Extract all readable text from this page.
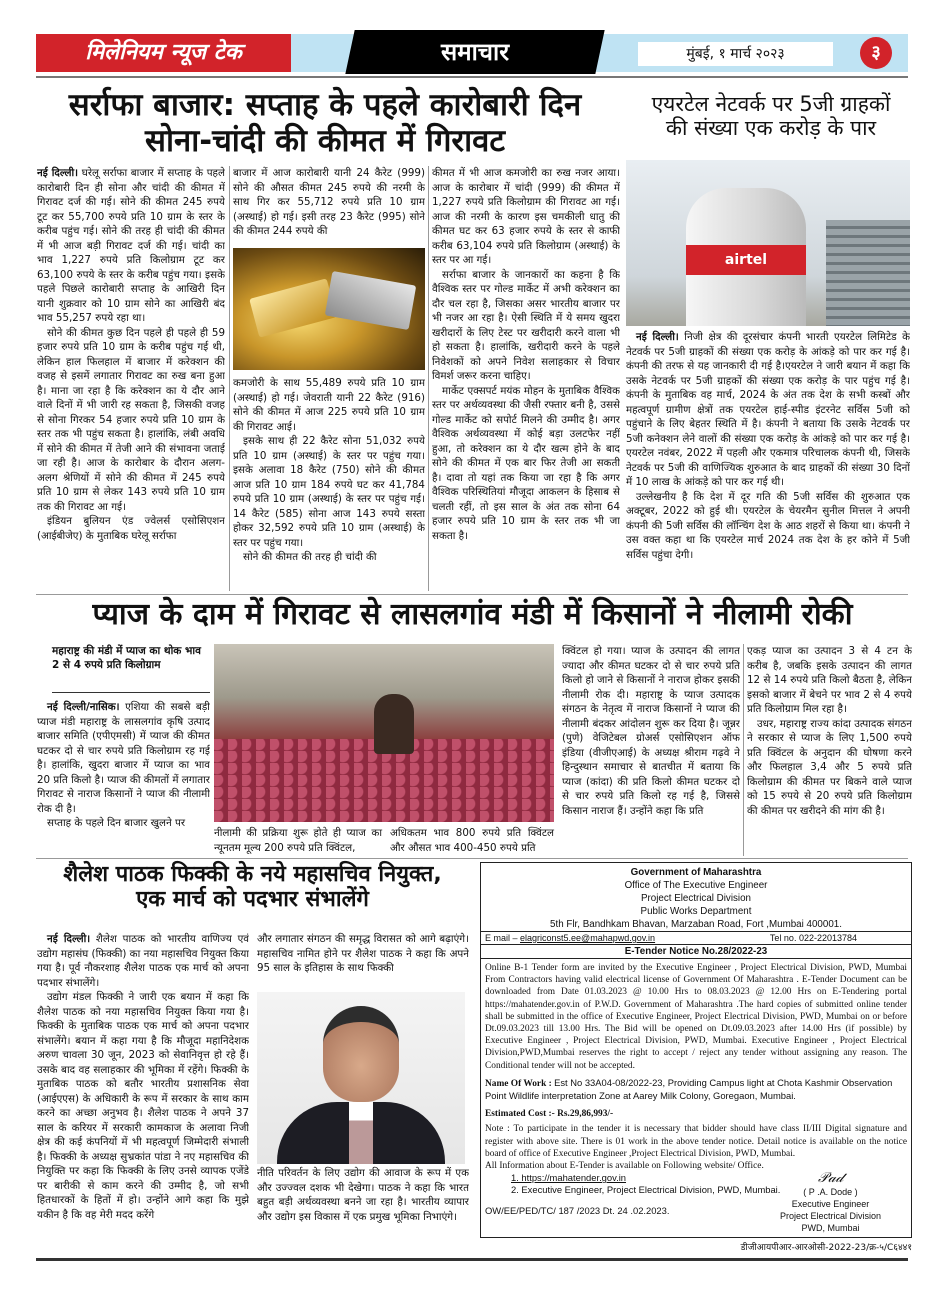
मिलेनियम न्यूज टेक	समाचार	मुंबई, १ मार्च २०२३	३
सर्राफा बाजार: सप्ताह के पहले कारोबारी दिन
सोना-चांदी की कीमत में गिरावट

नई दिल्ली। घरेलू सर्राफा बाजार में सप्ताह के पहले कारोबारी दिन ही सोना और चांदी की कीमत में गिरावट दर्ज की गई। सोने की कीमत 245 रुपये टूट कर 55,700 रुपये प्रति 10 ग्राम के स्तर के करीब पहुंच गई। सोने की तरह ही चांदी की कीमत में भी आज बड़ी गिरावट दर्ज की गई। चांदी का भाव 1,227 रुपये प्रति किलोग्राम टूट कर 63,100 रुपये के स्तर के करीब पहुंच गया। इसके पहले पिछले कारोबारी सप्ताह के आखिरी दिन यानी शुक्रवार को 10 ग्राम सोने का आखिरी बंद भाव 55,257 रुपये रहा था।

सोने की कीमत कुछ दिन पहले ही पहले ही 59 हजार रुपये प्रति 10 ग्राम के करीब पहुंच गई थी, लेकिन हाल फिलहाल में बाजार में करेक्शन की वजह से इसमें लगातार गिरावट का रुख बना हुआ है। माना जा रहा है कि करेक्शन का ये दौर आने वाले दिनों में भी जारी रह सकता है, जिसकी वजह से सोना गिरकर 54 हजार रुपये प्रति 10 ग्राम के स्तर तक भी पहुंच सकता है। हालांकि, लंबी अवधि में सोने की कीमत में तेजी आने की संभावना जताई जा रही है। आज के कारोबार के दौरान अलग-अलग श्रेणियों में सोने की कीमत में 245 रुपये प्रति 10 ग्राम से लेकर 143 रुपये प्रति 10 ग्राम तक की गिरावट आ गई।

इंडियन बुलियन एंड ज्वेलर्स एसोसिएशन (आईबीजेए) के मुताबिक घरेलू सर्राफा

बाजार में आज कारोबारी यानी 24 कैरेट (999) सोने की औसत कीमत 245 रुपये की नरमी के साथ गिर कर 55,712 रुपये प्रति 10 ग्राम (अस्थाई) हो गई। इसी तरह 23 कैरेट (995) सोने की कीमत 244 रुपये की

कमजोरी के साथ 55,489 रुपये प्रति 10 ग्राम (अस्थाई) हो गई। जेवराती यानी 22 कैरेट (916) सोने की कीमत में आज 225 रुपये प्रति 10 ग्राम की गिरावट आई।

इसके साथ ही 22 कैरेट सोना 51,032 रुपये प्रति 10 ग्राम (अस्थाई) के स्तर पर पहुंच गया। इसके अलावा 18 कैरेट (750) सोने की कीमत आज प्रति 10 ग्राम 184 रुपये घट कर 41,784 रुपये प्रति 10 ग्राम (अस्थाई) के स्तर पर पहुंच गई। 14 कैरेट (585) सोना आज 143 रुपये सस्ता होकर 32,592 रुपये प्रति 10 ग्राम (अस्थाई) के स्तर पर पहुंच गया।

सोने की कीमत की तरह ही चांदी की

कीमत में भी आज कमजोरी का रुख नजर आया। आज के कारोबार में चांदी (999) की कीमत में 1,227 रुपये प्रति किलोग्राम की गिरावट आ गई। आज की नरमी के कारण इस चमकीली धातु की कीमत घट कर 63 हजार रुपये के स्तर से काफी करीब 63,104 रुपये प्रति किलोग्राम (अस्थाई) के स्तर पर आ गई।

सर्राफा बाजार के जानकारों का कहना है कि वैश्विक स्तर पर गोल्ड मार्केट में अभी करेक्शन का दौर चल रहा है, जिसका असर भारतीय बाजार पर भी नजर आ रहा है। ऐसी स्थिति में ये समय खुदरा खरीदारों के लिए टेस्ट पर खरीदारी करने वाला भी हो सकता है। हालांकि, खरीदारी करने के पहले निवेशकों को अपने निवेश सलाहकार से विचार विमर्श जरूर करना चाहिए।

मार्केट एक्सपर्ट मयंक मोहन के मुताबिक वैश्विक स्तर पर अर्थव्यवस्था की जैसी रफ्तार बनी है, उससे गोल्ड मार्केट को सपोर्ट मिलने की उम्मीद है। अगर वैश्विक अर्थव्यवस्था में कोई बड़ा उलटफेर नहीं हुआ, तो करेक्शन का ये दौर खत्म होने के बाद सोने की कीमत में एक बार फिर तेजी आ सकती है। दावा तो यहां तक किया जा रहा है कि अगर वैश्विक परिस्थितियां मौजूदा आकलन के हिसाब से चलती रहीं, तो इस साल के अंत तक सोना 64 हजार रुपये प्रति 10 ग्राम के स्तर तक भी जा सकता है।

एयरटेल नेटवर्क पर 5जी ग्राहकों
की संख्या एक करोड़ के पार
airtel

नई दिल्ली। निजी क्षेत्र की दूरसंचार कंपनी भारती एयरटेल लिमिटेड के नेटवर्क पर 5जी ग्राहकों की संख्या एक करोड़ के आंकड़े को पार कर गई है। कंपनी की तरफ से यह जानकारी दी गई है।एयरटेल ने जारी बयान में कहा कि उसके नेटवर्क पर 5जी ग्राहकों की संख्या एक करोड़ के पार पहुंच गई है। कंपनी के मुताबिक वह मार्च, 2024 के अंत तक देश के सभी कस्बों और महत्वपूर्ण ग्रामीण क्षेत्रों तक एयरटेल हाई-स्पीड इंटरनेट सर्विस 5जी को पहुंचाने के लिए बेहतर स्थिति में है। कंपनी ने बताया कि उसके नेटवर्क पर 5जी कनेक्शन लेने वालों की संख्या एक करोड़ के आंकड़े को पार कर गई है। एयरटेल नवंबर, 2022 में पहली और एकमात्र परिचालक कंपनी थी, जिसके नेटवर्क पर 5जी की वाणिज्यिक शुरुआत के बाद ग्राहकों की संख्या 30 दिनों में 10 लाख के आंकड़े को पार कर गई थी।

उल्लेखनीय है कि देश में दूर गति की 5जी सर्विस की शुरुआत एक अक्टूबर, 2022 को हुई थी। एयरटेल के चेयरमैन सुनील मित्तल ने अपनी कंपनी की 5जी सर्विस की लॉन्चिंग देश के आठ शहरों से किया था। कंपनी ने उस वक्त कहा था कि एयरटेल मार्च 2024 तक देश के हर कोने में 5जी सर्विस पहुंचा देगी।

प्याज के दाम में गिरावट से लासलगांव मंडी में किसानों ने नीलामी रोकी
महाराष्ट्र की मंडी में प्याज का थोक भाव 2 से 4 रुपये प्रति किलोग्राम

नई दिल्ली/नासिक। एशिया की सबसे बड़ी प्याज मंडी महाराष्ट्र के लासलगांव कृषि उत्पाद बाजार समिति (एपीएमसी) में प्याज की कीमत घटकर दो से चार रुपये प्रति किलोग्राम रह गई है। हालांकि, खुदरा बाजार में प्याज का भाव 20 प्रति किलो है। प्याज की कीमतों में लगातार गिरावट से नाराज किसानों ने प्याज की नीलामी रोक दी है।

सप्ताह के पहले दिन बाजार खुलने पर

नीलामी की प्रक्रिया शुरू होते ही प्याज का न्यूनतम मूल्य 200 रुपये प्रति क्विंटल,
अधिकतम भाव 800 रुपये प्रति क्विंटल और औसत भाव 400-450 रुपये प्रति

क्विंटल हो गया। प्याज के उत्पादन की लागत ज्यादा और कीमत घटकर दो से चार रुपये प्रति किलो हो जाने से किसानों ने नाराज होकर इसकी नीलामी रोक दी। महाराष्ट्र के प्याज उत्पादक संगठन के नेतृत्व में नाराज किसानों ने प्याज की नीलामी बंदकर आंदोलन शुरू कर दिया है। जून्नर (पुणे) वेजिटेबल ग्रोअर्स एसोसिएशन ऑफ इंडिया (वीजीएआई) के अध्यक्ष श्रीराम गढ़वे ने हिन्दुस्थान समाचार से बातचीत में बताया कि प्याज (कांदा) की प्रति किलो कीमत घटकर दो से चार रुपये प्रति किलो रह गई है, जिससे किसान नाराज हैं। उन्होंने कहा कि प्रति

एकड़ प्याज का उत्पादन 3 से 4 टन के करीब है, जबकि इसके उत्पादन की लागत 12 से 14 रुपये प्रति किलो बैठता है, लेकिन इसको बाजार में बेचने पर भाव 2 से 4 रुपये प्रति किलोग्राम मिल रहा है।

उधर, महाराष्ट्र राज्य कांदा उत्पादक संगठन ने सरकार से प्याज के लिए 1,500 रुपये प्रति क्विंटल के अनुदान की घोषणा करने और फिलहाल 3,4 और 5 रुपये प्रति किलोग्राम की कीमत पर बिकने वाले प्याज को 15 रुपये से 20 रुपये प्रति किलोग्राम की कीमत पर खरीदने की मांग की है।

शैलेश पाठक फिक्की के नये महासचिव नियुक्त,
एक मार्च को पदभार संभालेंगे

नई दिल्ली। शैलेश पाठक को भारतीय वाणिज्य एवं उद्योग महासंघ (फिक्की) का नया महासचिव नियुक्त किया गया है। पूर्व नौकरशाह शैलेश पाठक एक मार्च को अपना पदभार संभालेंगे।

उद्योग मंडल फिक्की ने जारी एक बयान में कहा कि शैलेश पाठक को नया महासचिव नियुक्त किया गया है। फिक्की के मुताबिक पाठक एक मार्च को अपना पदभार संभालेंगे। बयान में कहा गया है कि मौजूदा महानिदेशक अरुण चावला 30 जून, 2023 को सेवानिवृत्त हो रहे हैं। उसके बाद वह सलाहकार की भूमिका में रहेंगे। फिक्की के मुताबिक पाठक को बतौर भारतीय प्रशासनिक सेवा (आईएएस) के अधिकारी के रूप में सरकार के साथ काम करने का अच्छा अनुभव है। शैलेश पाठक ने अपने 37 साल के करियर में सरकारी कामकाज के अलावा निजी क्षेत्र की कई कंपनियों में भी महत्वपूर्ण जिम्मेदारी संभाली है। फिक्की के अध्यक्ष सुभ्रकांत पांडा ने नए महासचिव की नियुक्ति पर कहा कि फिक्की के लिए उनसे व्यापक एजेंडे पर बारीकी से काम करने की उम्मीद है, जो सभी हितधारकों के हितों में हो। उन्होंने आगे कहा कि मुझे यकीन है कि वह मेरी मदद करेंगे

और लगातार संगठन की समृद्ध विरासत को आगे बढ़ाएंगे। महासचिव नामित होने पर शैलेश पाठक ने कहा कि अपने 95 साल के इतिहास के साथ फिक्की

नीति परिवर्तन के लिए उद्योग की आवाज के रूप में एक और उज्ज्वल दशक भी देखेगा। पाठक ने कहा कि भारत बहुत बड़ी अर्थव्यवस्था बनने जा रहा है। भारतीय व्यापार और उद्योग इस विकास में एक प्रमुख भूमिका निभाएंगे।

Government of Maharashtra
Office of The Executive Engineer
Project Electrical Division
Public Works Department
5th Flr, Bandhkam Bhavan, Marzaban Road, Fort ,Mumbai 400001.
E mail – elagriconst5.ee@mahapwd.gov.in	Tel no. 022-22013784
E-Tender Notice No.28/2022-23
Online B-1 Tender form are invited by the Executive Engineer , Project Electrical Division, PWD, Mumbai From Contractors having valid electrical license of Government Of Maharashtra . E-Tender Document can be downloaded from Date 01.03.2023 @ 10.00 Hrs to 08.03.2023 @ 12.00 Hrs on E-Tendering portal https://mahatender.gov.in of P.W.D. Government of Maharashtra .The hard copies of submitted online tender shall be submitted in the office of Executive Engineer, Project Electrical Division, PWD, Mumbai on or before Dt.09.03.2023 till 13.00 Hrs. The Bid will be opened on Dt.09.03.2023 after 14.00 Hrs (if possible) by Executive Engineer , Project Electrical Division, PWD, Mumbai. Executive Engineer , Project Electrical Division,PWD,Mumbai reserves the right to accept / reject any tender without assigning any reason. The Conditional tender will not be accepted.
Name Of Work : Est No 33A04-08/2022-23, Providing Campus light at Chota Kashmir Observation Point Wildlife interpretation Zone at Aarey Milk Colony, Goregaon, Mumbai.
Estimated Cost :- Rs.29,86,993/-
Note : To participate in the tender it is necessary that bidder should have class II/III Digital signature and register with above site. There is 01 work in the above tender notice. Detail notice is available on the notice board of office of Executive Engineer ,Project Electrical Division, PWD, Mumbai.
All Information about E-Tender is available on Following website/ Office.
1. https://mahatender.gov.in
2. Executive Engineer, Project Electrical Division, PWD, Mumbai.
OW/EE/PED/TC/ 187 /2023 Dt. 24 .02.2023.
𝒫𝒶𝒹
( P .A. Dode )
Executive Engineer
Project Electrical Division
PWD, Mumbai
डीजीआयपीआर-आरओसी-2022-23/क्र-५/C६४४१
